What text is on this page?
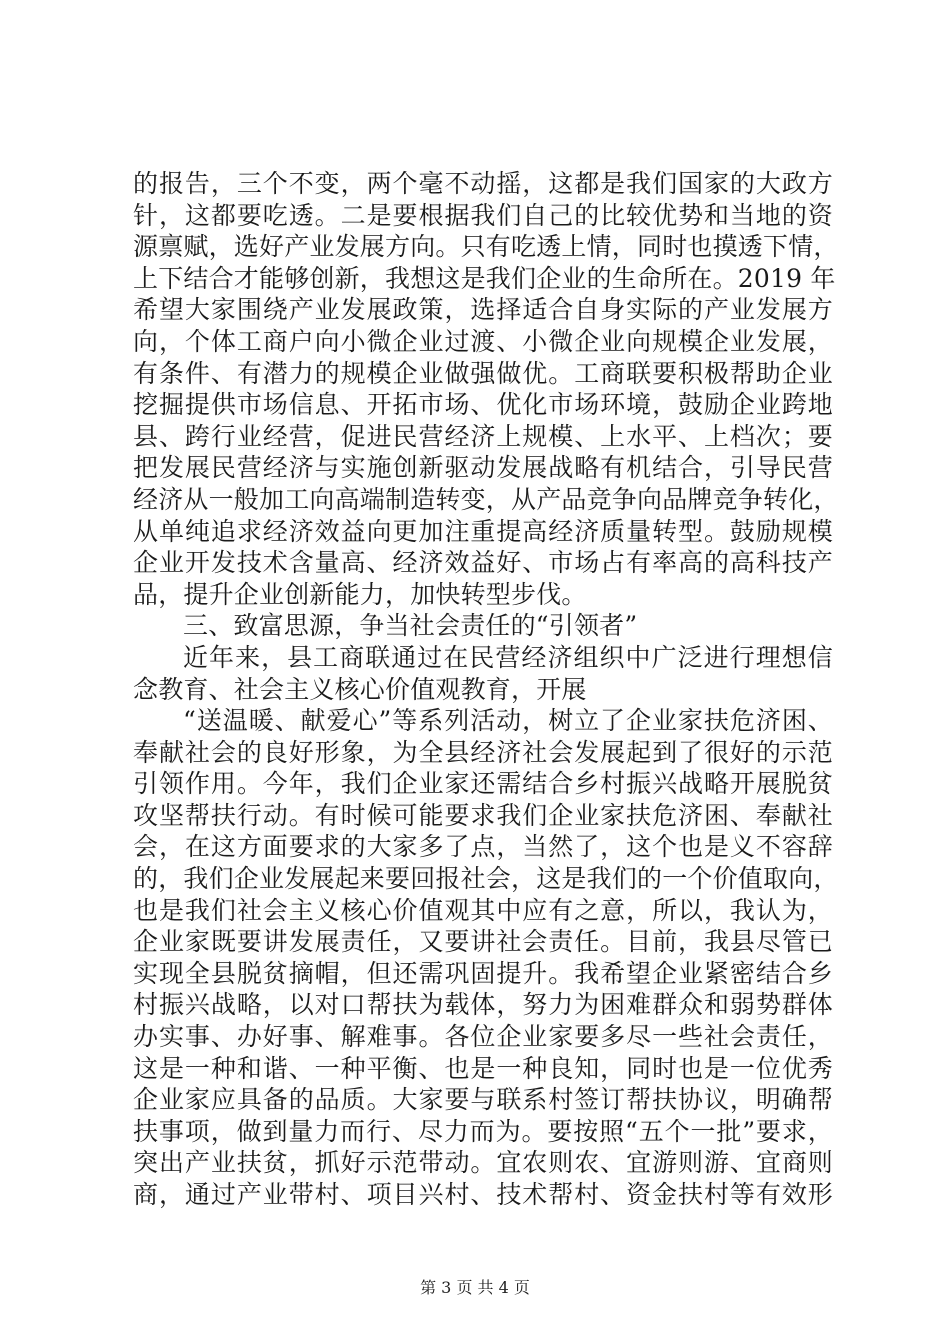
的报告，三个不变，两个毫不动摇，这都是我们国家的大政方
针，这都要吃透。二是要根据我们自己的比较优势和当地的资
源禀赋，选好产业发展方向。只有吃透上情，同时也摸透下情，
上下结合才能够创新，我想这是我们企业的生命所在。2019 年
希望大家围绕产业发展政策，选择适合自身实际的产业发展方
向，个体工商户向小微企业过渡、小微企业向规模企业发展，
有条件、有潜力的规模企业做强做优。工商联要积极帮助企业
挖掘提供市场信息、开拓市场、优化市场环境，鼓励企业跨地
县、跨行业经营，促进民营经济上规模、上水平、上档次；要
把发展民营经济与实施创新驱动发展战略有机结合，引导民营
经济从一般加工向高端制造转变，从产品竞争向品牌竞争转化，
从单纯追求经济效益向更加注重提高经济质量转型。鼓励规模
企业开发技术含量高、经济效益好、市场占有率高的高科技产
品，提升企业创新能力，加快转型步伐。
三、致富思源，争当社会责任的“引领者”
近年来，县工商联通过在民营经济组织中广泛进行理想信
念教育、社会主义核心价值观教育，开展
“送温暖、献爱心”等系列活动，树立了企业家扶危济困、
奉献社会的良好形象，为全县经济社会发展起到了很好的示范
引领作用。今年，我们企业家还需结合乡村振兴战略开展脱贫
攻坚帮扶行动。有时候可能要求我们企业家扶危济困、奉献社
会，在这方面要求的大家多了点，当然了，这个也是义不容辞
的，我们企业发展起来要回报社会，这是我们的一个价值取向，
也是我们社会主义核心价值观其中应有之意，所以，我认为，
企业家既要讲发展责任，又要讲社会责任。目前，我县尽管已
实现全县脱贫摘帽，但还需巩固提升。我希望企业紧密结合乡
村振兴战略，以对口帮扶为载体，努力为困难群众和弱势群体
办实事、办好事、解难事。各位企业家要多尽一些社会责任，
这是一种和谐、一种平衡、也是一种良知，同时也是一位优秀
企业家应具备的品质。大家要与联系村签订帮扶协议，明确帮
扶事项，做到量力而行、尽力而为。要按照“五个一批”要求，
突出产业扶贫，抓好示范带动。宜农则农、宜游则游、宜商则
商，通过产业带村、项目兴村、技术帮村、资金扶村等有效形
第 3 页 共 4 页
